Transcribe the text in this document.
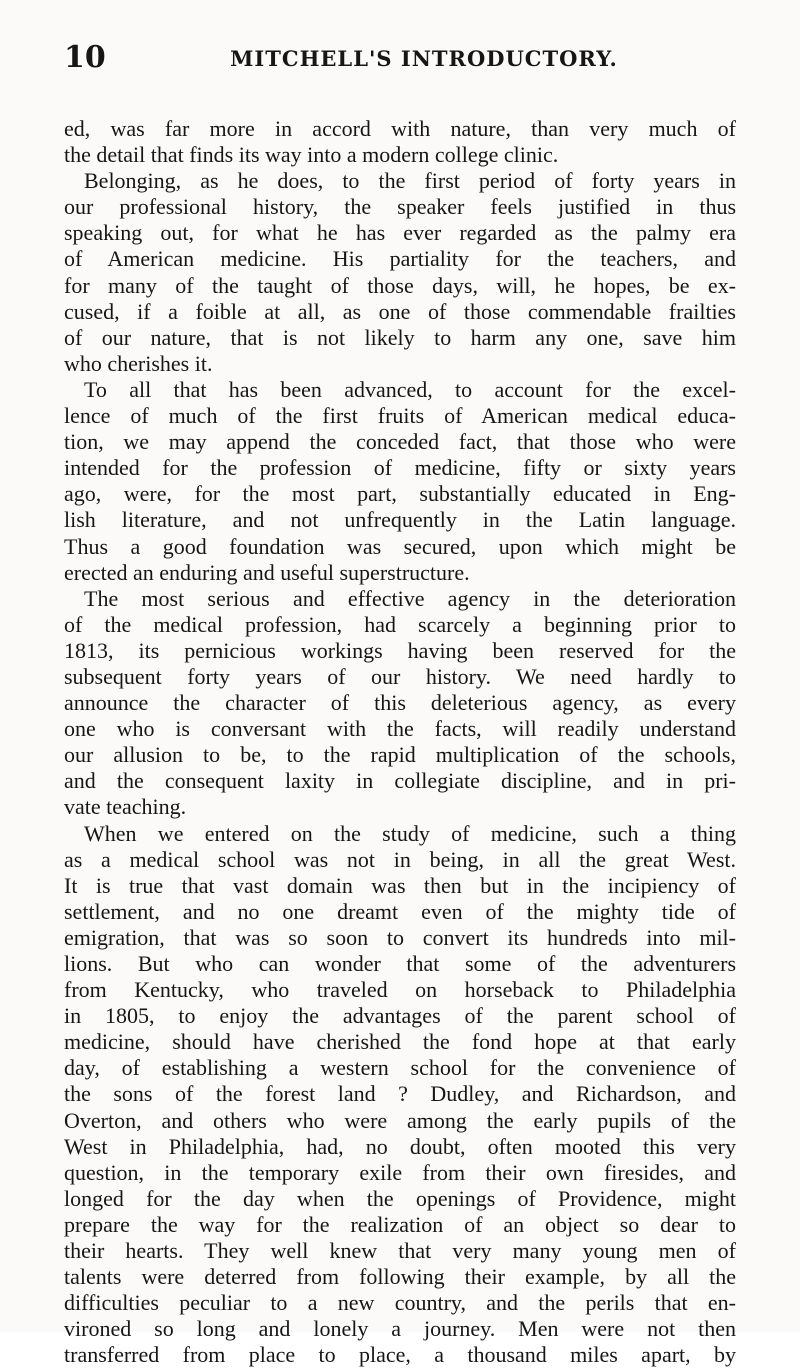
10	MITCHELL'S INTRODUCTORY.
ed, was far more in accord with nature, than very much of
the detail that finds its way into a modern college clinic.
Belonging, as he does, to the first period of forty years in
our professional history, the speaker feels justified in thus
speaking out, for what he has ever regarded as the palmy era
of American medicine. His partiality for the teachers, and
for many of the taught of those days, will, he hopes, be ex-
cused, if a foible at all, as one of those commendable frailties
of our nature, that is not likely to harm any one, save him
who cherishes it.
To all that has been advanced, to account for the excel-
lence of much of the first fruits of American medical educa-
tion, we may append the conceded fact, that those who were
intended for the profession of medicine, fifty or sixty years
ago, were, for the most part, substantially educated in Eng-
lish literature, and not unfrequently in the Latin language.
Thus a good foundation was secured, upon which might be
erected an enduring and useful superstructure.
The most serious and effective agency in the deterioration
of the medical profession, had scarcely a beginning prior to
1813, its pernicious workings having been reserved for the
subsequent forty years of our history. We need hardly to
announce the character of this deleterious agency, as every
one who is conversant with the facts, will readily understand
our allusion to be, to the rapid multiplication of the schools,
and the consequent laxity in collegiate discipline, and in pri-
vate teaching.
When we entered on the study of medicine, such a thing
as a medical school was not in being, in all the great West.
It is true that vast domain was then but in the incipiency of
settlement, and no one dreamt even of the mighty tide of
emigration, that was so soon to convert its hundreds into mil-
lions. But who can wonder that some of the adventurers
from Kentucky, who traveled on horseback to Philadelphia
in 1805, to enjoy the advantages of the parent school of
medicine, should have cherished the fond hope at that early
day, of establishing a western school for the convenience of
the sons of the forest land ? Dudley, and Richardson, and
Overton, and others who were among the early pupils of the
West in Philadelphia, had, no doubt, often mooted this very
question, in the temporary exile from their own firesides, and
longed for the day when the openings of Providence, might
prepare the way for the realization of an object so dear to
their hearts. They well knew that very many young men of
talents were deterred from following their example, by all the
difficulties peculiar to a new country, and the perils that en-
vironed so long and lonely a journey. Men were not then
transferred from place to place, a thousand miles apart, by
